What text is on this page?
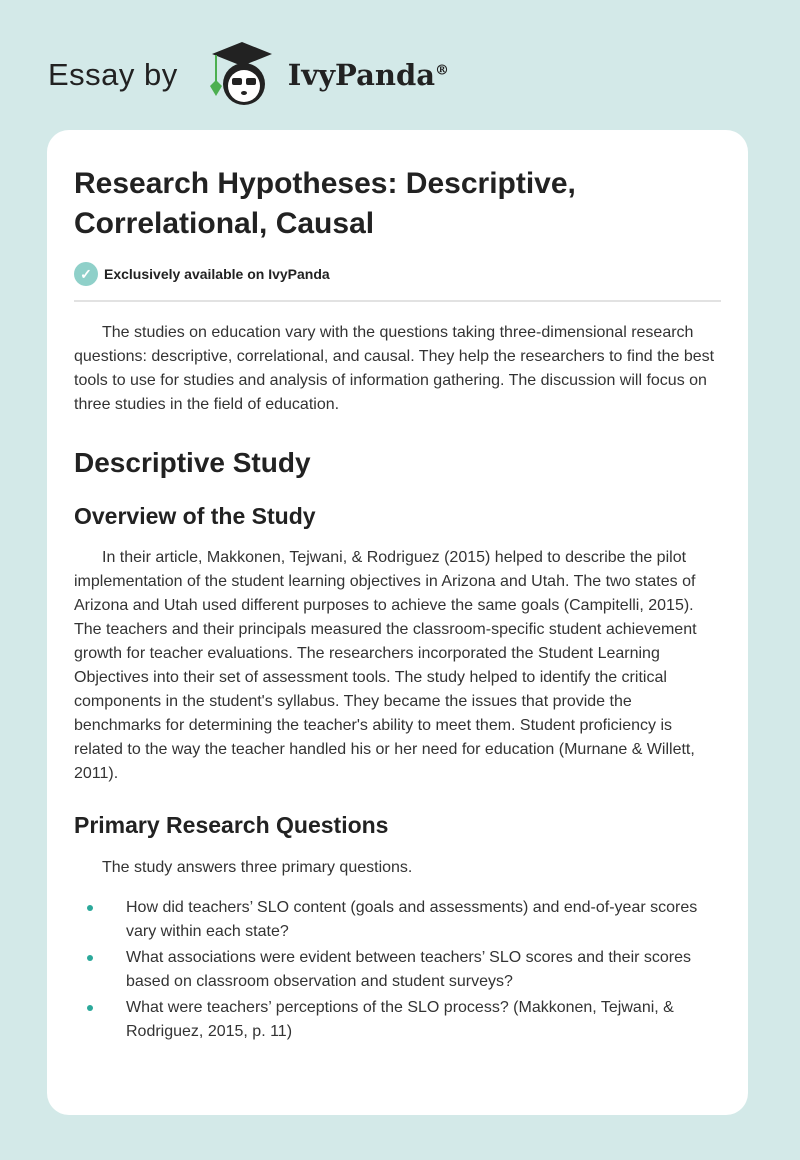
Essay by	IvyPanda®
Research Hypotheses: Descriptive, Correlational, Causal
✓ Exclusively available on IvyPanda

The studies on education vary with the questions taking three-dimensional research questions: descriptive, correlational, and causal. They help the researchers to find the best tools to use for studies and analysis of information gathering. The discussion will focus on three studies in the field of education.

Descriptive Study
Overview of the Study

In their article, Makkonen, Tejwani, & Rodriguez (2015) helped to describe the pilot implementation of the student learning objectives in Arizona and Utah. The two states of Arizona and Utah used different purposes to achieve the same goals (Campitelli, 2015). The teachers and their principals measured the classroom-specific student achievement growth for teacher evaluations. The researchers incorporated the Student Learning Objectives into their set of assessment tools. The study helped to identify the critical components in the student's syllabus. They became the issues that provide the benchmarks for determining the teacher's ability to meet them. Student proficiency is related to the way the teacher handled his or her need for education (Murnane & Willett, 2011).

Primary Research Questions

The study answers three primary questions.

How did teachers’ SLO content (goals and assessments) and end-of-year scores vary within each state?
What associations were evident between teachers’ SLO scores and their scores based on classroom observation and student surveys?
What were teachers’ perceptions of the SLO process? (Makkonen, Tejwani, & Rodriguez, 2015, p. 11)
